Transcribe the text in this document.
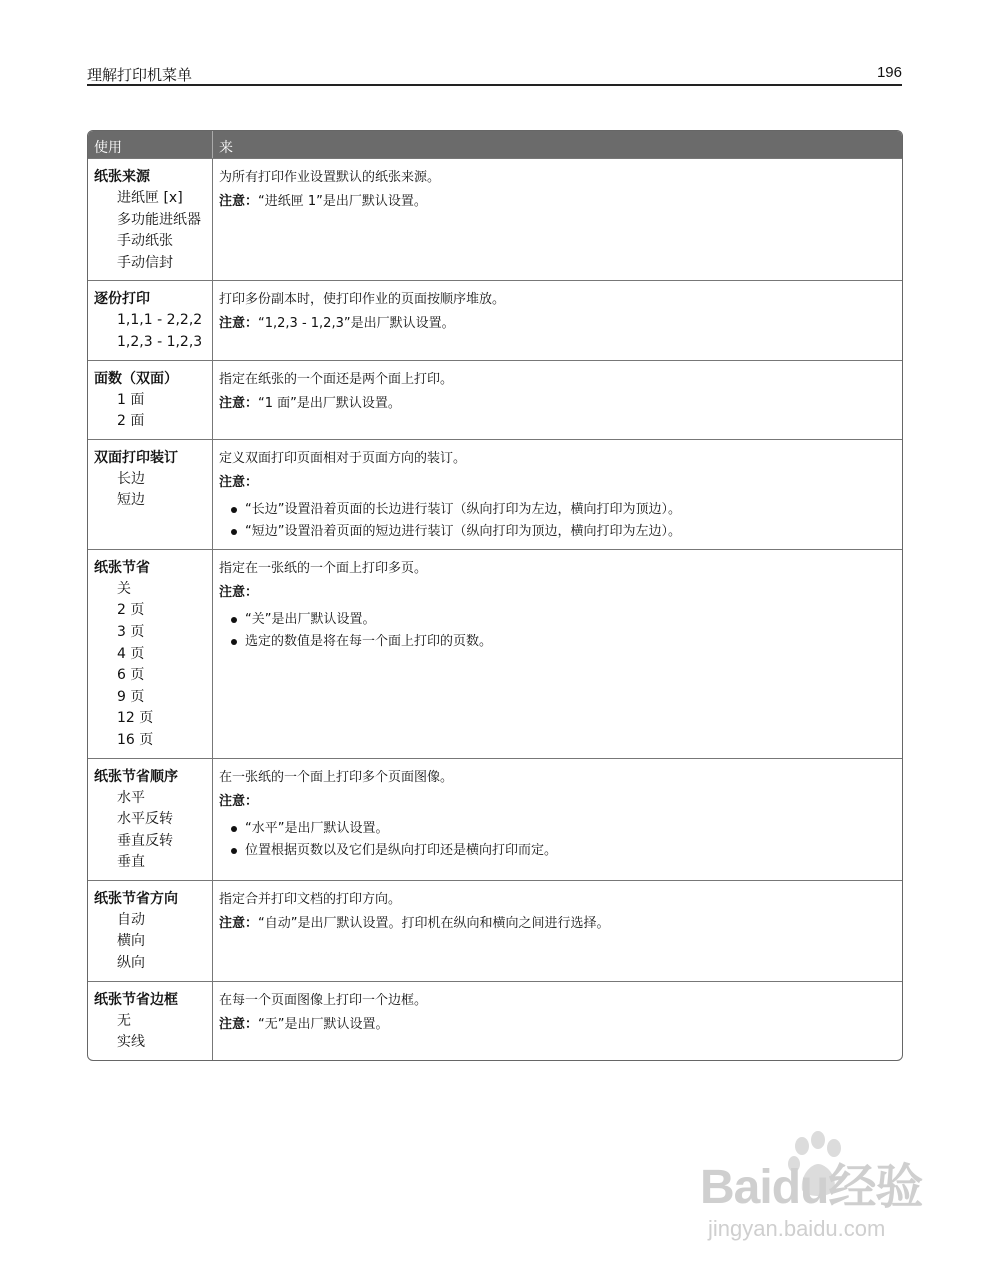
理解打印机菜单	196
使用	来
纸张来源
进纸匣 [x]
多功能进纸器
手动纸张
手动信封
为所有打印作业设置默认的纸张来源。
注意：“进纸匣 1”是出厂默认设置。
逐份打印
1,1,1 - 2,2,2
1,2,3 - 1,2,3
打印多份副本时，使打印作业的页面按顺序堆放。
注意：“1,2,3 - 1,2,3”是出厂默认设置。
面数（双面）
1 面
2 面
指定在纸张的一个面还是两个面上打印。
注意：“1 面”是出厂默认设置。
双面打印装订
长边
短边
定义双面打印页面相对于页面方向的装订。
注意：
“长边”设置沿着页面的长边进行装订（纵向打印为左边，横向打印为顶边）。
“短边”设置沿着页面的短边进行装订（纵向打印为顶边，横向打印为左边）。
纸张节省
关
2 页
3 页
4 页
6 页
9 页
12 页
16 页
指定在一张纸的一个面上打印多页。
注意：
“关”是出厂默认设置。
选定的数值是将在每一个面上打印的页数。
纸张节省顺序
水平
水平反转
垂直反转
垂直
在一张纸的一个面上打印多个页面图像。
注意：
“水平”是出厂默认设置。
位置根据页数以及它们是纵向打印还是横向打印而定。
纸张节省方向
自动
横向
纵向
指定合并打印文档的打印方向。
注意：“自动”是出厂默认设置。打印机在纵向和横向之间进行选择。
纸张节省边框
无
实线
在每一个页面图像上打印一个边框。
注意：“无”是出厂默认设置。
Baidu经验
jingyan.baidu.com
